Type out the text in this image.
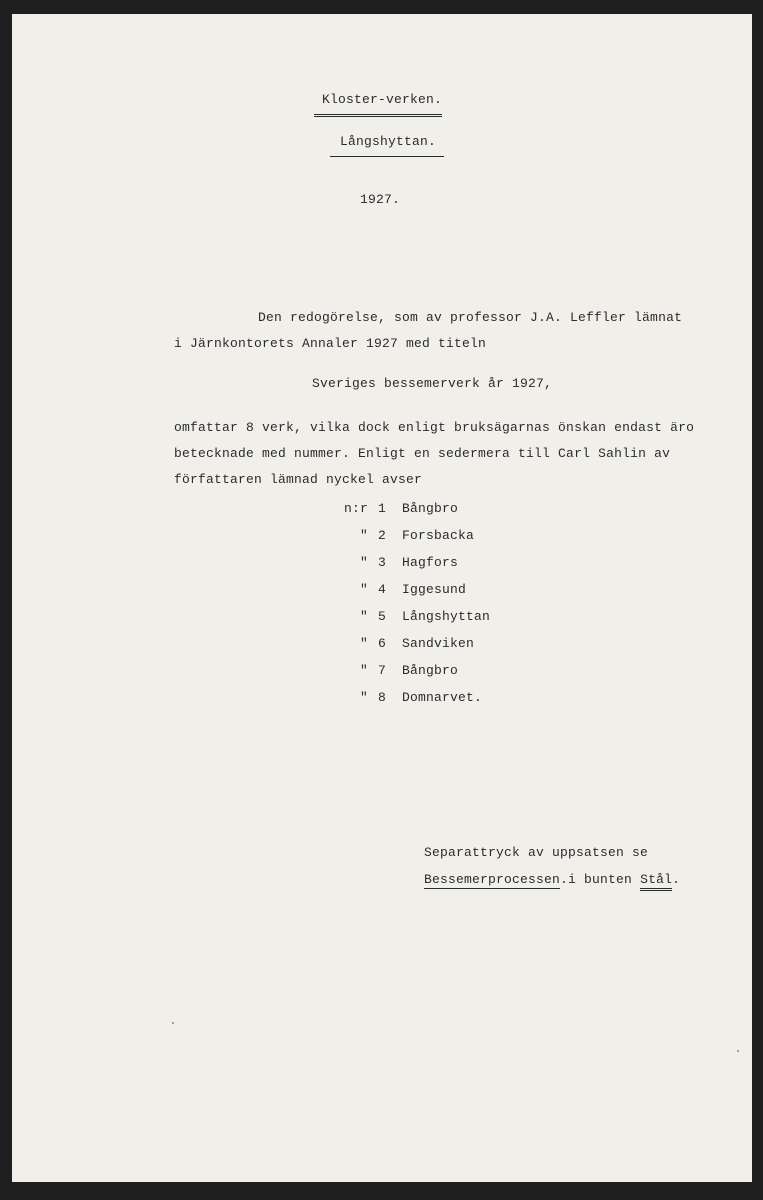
Kloster-verken.
Långshyttan.
1927.
Den redogörelse, som av professor J.A. Leffler lämnat
i Järnkontorets Annaler 1927 med titeln
Sveriges bessemerverk år 1927,
omfattar 8 verk, vilka dock enligt bruksägarnas önskan endast äro
betecknade med nummer. Enligt en sedermera till Carl Sahlin av
författaren lämnad nyckel avser
n:r 1 Bångbro
" 2 Forsbacka
" 3 Hagfors
" 4 Iggesund
" 5 Långshyttan
" 6 Sandviken
" 7 Bångbro
" 8 Domnarvet.
Separattryck av uppsatsen se
Bessemerprocessen.i bunten Stål.
